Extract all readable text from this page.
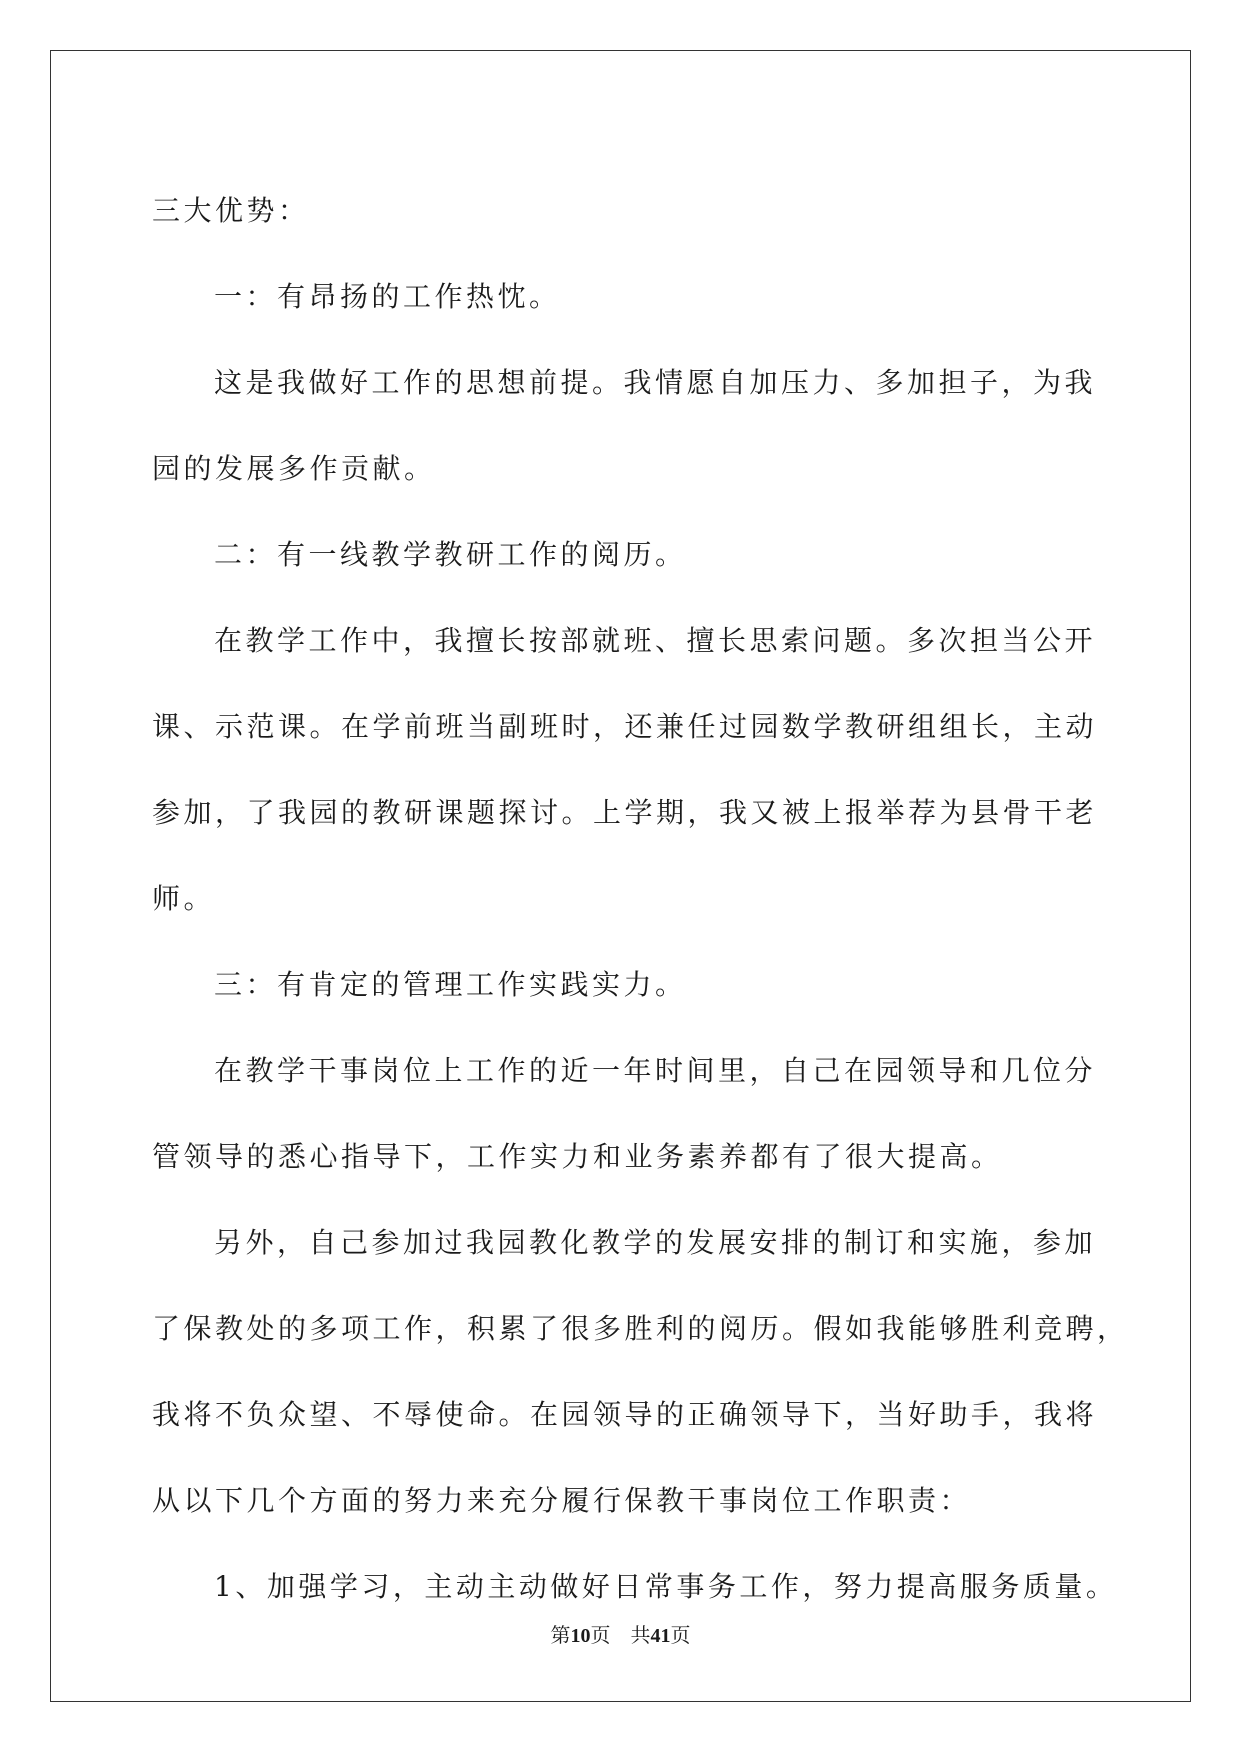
三大优势：
一：有昂扬的工作热忱。
这是我做好工作的思想前提。我情愿自加压力、多加担子，为我
园的发展多作贡献。
二：有一线教学教研工作的阅历。
在教学工作中，我擅长按部就班、擅长思索问题。多次担当公开
课、示范课。在学前班当副班时，还兼任过园数学教研组组长，主动
参加，了我园的教研课题探讨。上学期，我又被上报举荐为县骨干老
师。
三：有肯定的管理工作实践实力。
在教学干事岗位上工作的近一年时间里，自己在园领导和几位分
管领导的悉心指导下，工作实力和业务素养都有了很大提高。
另外，自己参加过我园教化教学的发展安排的制订和实施，参加
了保教处的多项工作，积累了很多胜利的阅历。假如我能够胜利竞聘，
我将不负众望、不辱使命。在园领导的正确领导下，当好助手，我将
从以下几个方面的努力来充分履行保教干事岗位工作职责：
1、加强学习，主动主动做好日常事务工作，努力提高服务质量。
第10页　 共41页
